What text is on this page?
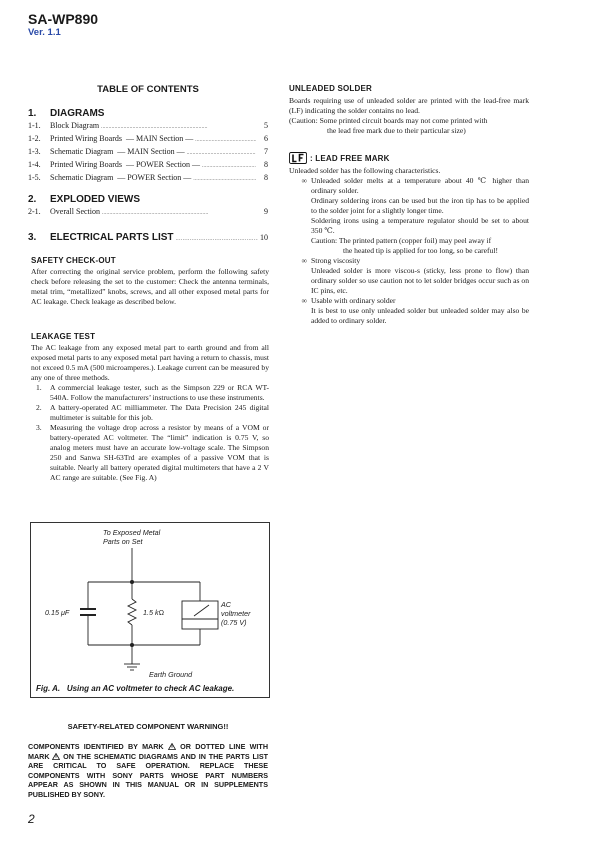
SA-WP890
Ver. 1.1
TABLE OF CONTENTS
1.	DIAGRAMS
1-1.	Block Diagram . . .	5
1-2.	Printed Wiring Boards  — MAIN Section — . . .	6
1-3.	Schematic Diagram  — MAIN Section — . . .	7
1-4.	Printed Wiring Boards  — POWER Section — . . .	8
1-5.	Schematic Diagram  — POWER Section — . . .	8
2.	EXPLODED VIEWS
2-1.	Overall Section . . .	9
3.	ELECTRICAL PARTS LIST . . .	10
SAFETY CHECK-OUT
After correcting the original service problem, perform the following safety check before releasing the set to the customer: Check the antenna terminals, metal trim, “metallized” knobs, screws, and all other exposed metal parts for AC leakage. Check leakage as described below.
LEAKAGE TEST
The AC leakage from any exposed metal part to earth ground and from all exposed metal parts to any exposed metal part having a return to chassis, must not exceed 0.5 mA (500 microamperes.). Leakage current can be measured by any one of three methods.
1.	A commercial leakage tester, such as the Simpson 229 or RCA WT-540A. Follow the manufacturers’ instructions to use these instruments.
2.	A battery-operated AC milliammeter. The Data Precision 245 digital multimeter is suitable for this job.
3.	Measuring the voltage drop across a resistor by means of a VOM or battery-operated AC voltmeter. The “limit” indication is 0.75 V, so analog meters must have an accurate low-voltage scale. The Simpson 250 and Sanwa SH-63Trd are examples of a passive VOM that is suitable. Nearly all battery operated digital multimeters that have a 2 V AC range are suitable. (See Fig. A)
To Exposed Metal
Parts on Set
0.15 μF	1.5 kΩ
AC
voltmeter
(0.75 V)
Earth Ground
Fig. A.   Using an AC voltmeter to check AC leakage.
SAFETY-RELATED COMPONENT WARNING!!
COMPONENTS IDENTIFIED BY MARK OR DOTTED LINE WITH MARK ON THE SCHEMATIC DIAGRAMS AND IN THE PARTS LIST ARE CRITICAL TO SAFE OPERATION. REPLACE THESE COMPONENTS WITH SONY PARTS WHOSE PART NUMBERS APPEAR AS SHOWN IN THIS MANUAL OR IN SUPPLEMENTS PUBLISHED BY SONY.
2
UNLEADED SOLDER
Boards requiring use of unleaded solder are printed with the lead-free mark (LF) indicating the solder contains no lead.
(Caution: Some printed circuit boards may not come printed with
the lead free mark due to their particular size)
: LEAD FREE MARK
Unleaded solder has the following characteristics.
∞ Unleaded solder melts at a temperature about 40 ℃ higher than ordinary solder.
Ordinary soldering irons can be used but the iron tip has to be applied to the solder joint for a slightly longer time.
Soldering irons using a temperature regulator should be set to about 350 ℃.
Caution: The printed pattern (copper foil) may peel away if
the heated tip is applied for too long, so be careful!
∞ Strong viscosity
Unleaded solder is more viscou-s (sticky, less prone to flow) than ordinary solder so use caution not to let solder bridges occur such as on IC pins, etc.
∞ Usable with ordinary solder
It is best to use only unleaded solder but unleaded solder may also be added to ordinary solder.
